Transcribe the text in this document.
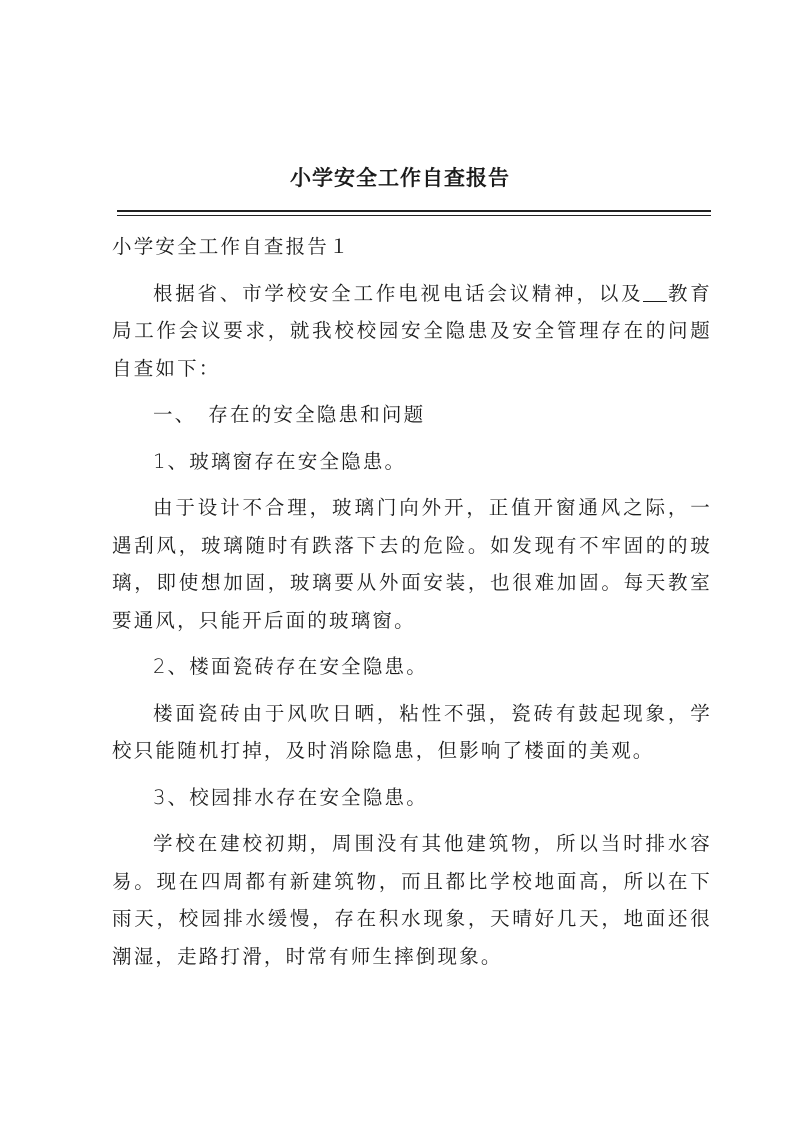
小学安全工作自查报告

小学安全工作自查报告１

根据省、市学校安全工作电视电话会议精神，以及 教育局工作会议要求，就我校校园安全隐患及安全管理存在的问题自查如下：

一、　存在的安全隐患和问题

1、玻璃窗存在安全隐患。

由于设计不合理，玻璃门向外开，正值开窗通风之际，一遇刮风，玻璃随时有跌落下去的危险。如发现有不牢固的的玻璃，即使想加固，玻璃要从外面安装，也很难加固。每天教室要通风，只能开后面的玻璃窗。

2、楼面瓷砖存在安全隐患。

楼面瓷砖由于风吹日晒，粘性不强，瓷砖有鼓起现象，学校只能随机打掉，及时消除隐患，但影响了楼面的美观。

3、校园排水存在安全隐患。

学校在建校初期，周围没有其他建筑物，所以当时排水容易。现在四周都有新建筑物，而且都比学校地面高，所以在下雨天，校园排水缓慢，存在积水现象，天晴好几天，地面还很潮湿，走路打滑，时常有师生摔倒现象。
